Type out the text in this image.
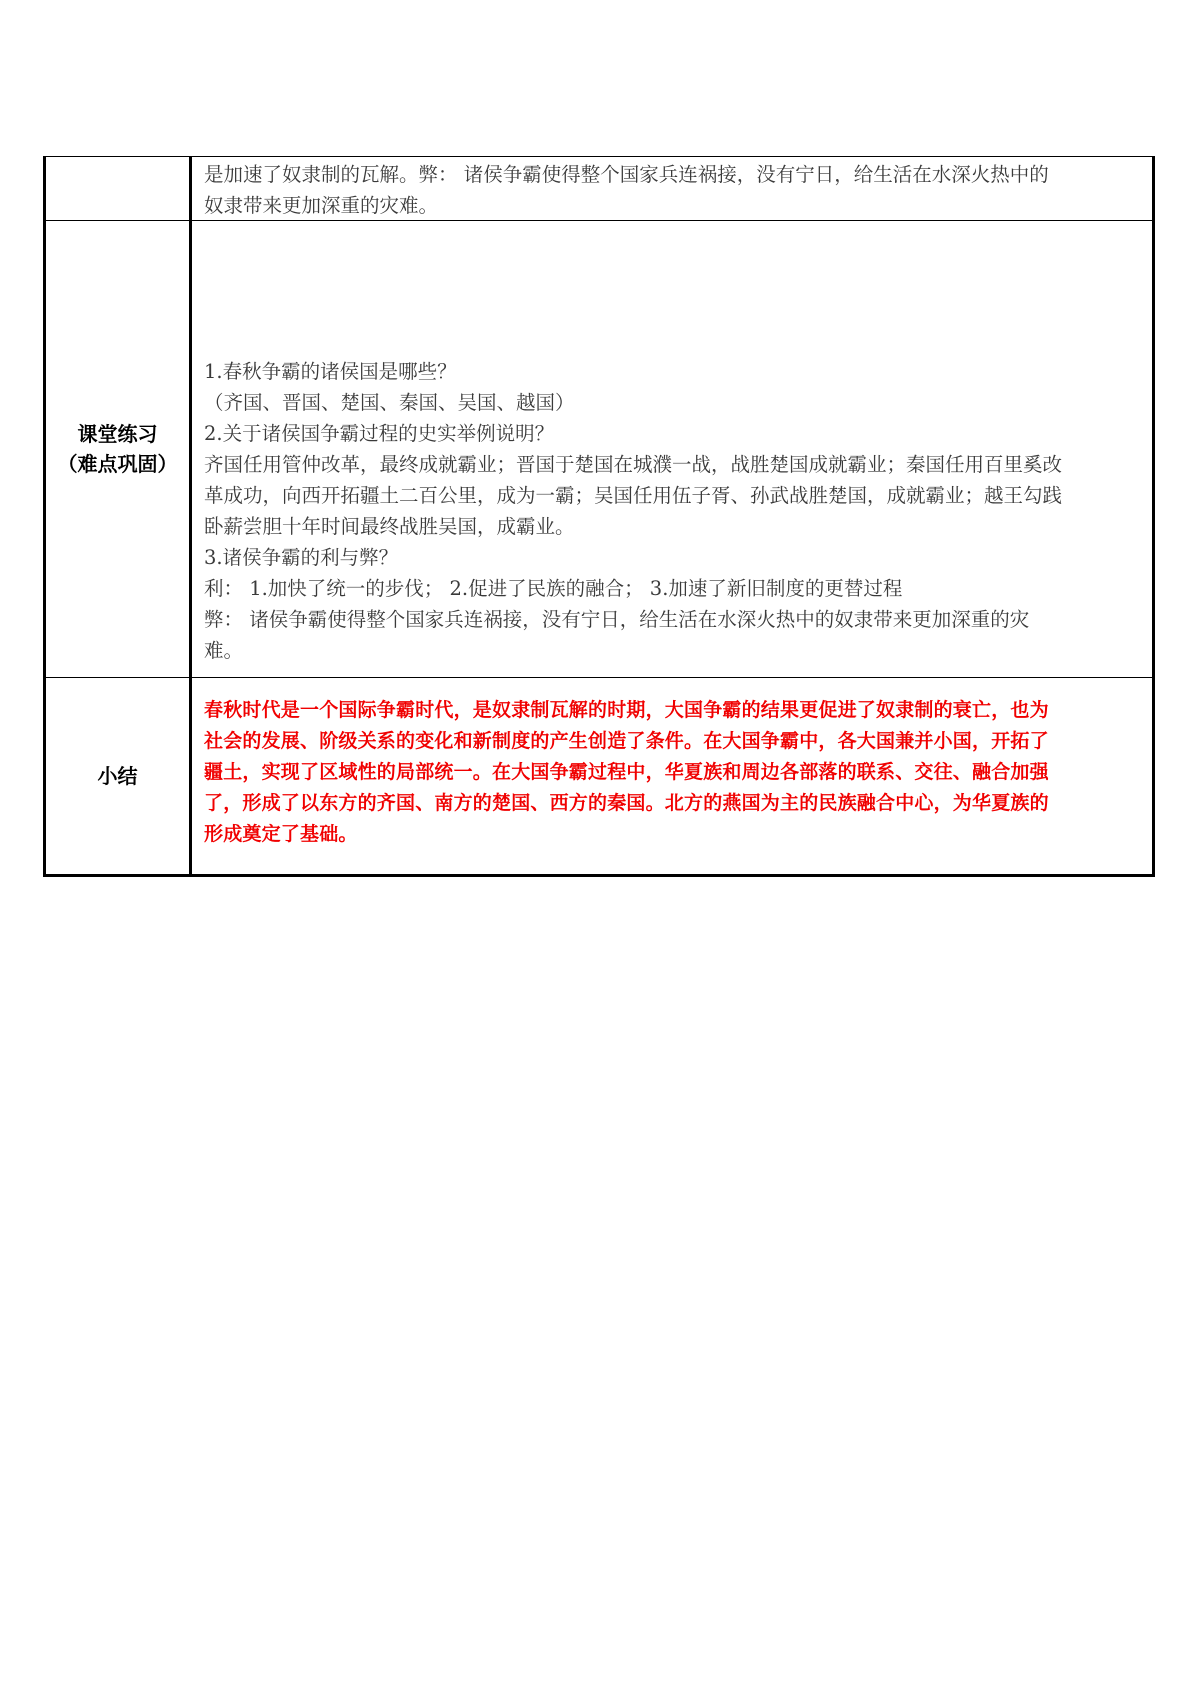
是加速了奴隶制的瓦解。弊： 诸侯争霸使得整个国家兵连祸接，没有宁日，给生活在水深火热中的
奴隶带来更加深重的灾难。
课堂练习
（难点巩固）
1.春秋争霸的诸侯国是哪些？
（齐国、晋国、楚国、秦国、吴国、越国）
2.关于诸侯国争霸过程的史实举例说明？
齐国任用管仲改革，最终成就霸业；晋国于楚国在城濮一战，战胜楚国成就霸业；秦国任用百里奚改
革成功，向西开拓疆土二百公里，成为一霸；吴国任用伍子胥、孙武战胜楚国，成就霸业；越王勾践
卧薪尝胆十年时间最终战胜吴国，成霸业。
3.诸侯争霸的利与弊？
利： 1.加快了统一的步伐； 2.促进了民族的融合； 3.加速了新旧制度的更替过程
弊： 诸侯争霸使得整个国家兵连祸接，没有宁日，给生活在水深火热中的奴隶带来更加深重的灾
难。
小结
春秋时代是一个国际争霸时代，是奴隶制瓦解的时期，大国争霸的结果更促进了奴隶制的衰亡，也为
社会的发展、阶级关系的变化和新制度的产生创造了条件。在大国争霸中，各大国兼并小国，开拓了
疆土，实现了区域性的局部统一。在大国争霸过程中，华夏族和周边各部落的联系、交往、融合加强
了，形成了以东方的齐国、南方的楚国、西方的秦国。北方的燕国为主的民族融合中心，为华夏族的
形成奠定了基础。
